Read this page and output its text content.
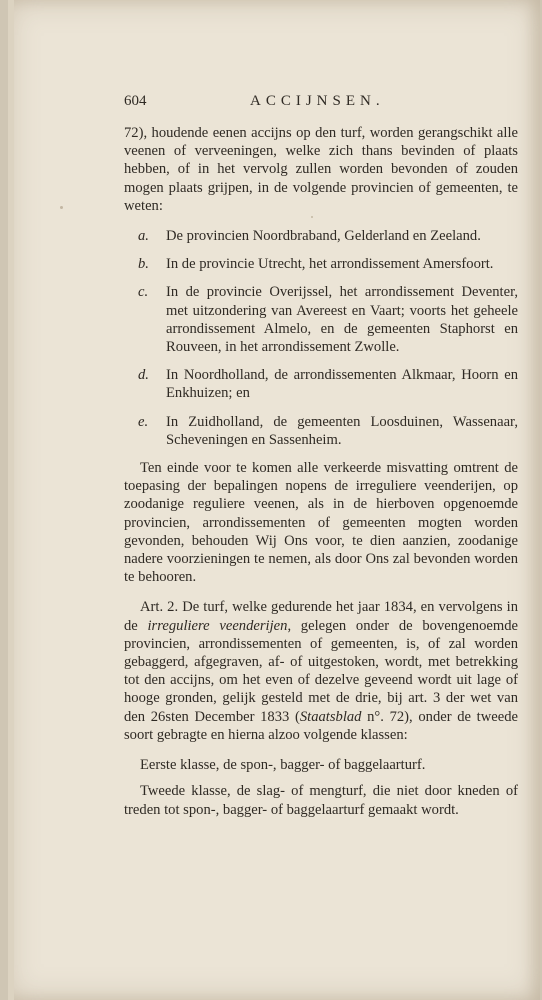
604	ACCIJNSEN.

72), houdende eenen accijns op den turf, worden gerangschikt alle veenen of verveeningen, welke zich thans bevinden of plaats hebben, of in het vervolg zullen worden bevonden of zouden mogen plaats grijpen, in de volgende provincien of gemeenten, te weten:

a. De provincien Noordbraband, Gelderland en Zeeland.

b. In de provincie Utrecht, het arrondissement Amersfoort.

c. In de provincie Overijssel, het arrondissement Deventer, met uitzondering van Avereest en Vaart; voorts het geheele arrondissement Almelo, en de gemeenten Staphorst en Rouveen, in het arrondissement Zwolle.

d. In Noordholland, de arrondissementen Alkmaar, Hoorn en Enkhuizen; en

e. In Zuidholland, de gemeenten Loosduinen, Wassenaar, Scheveningen en Sassenheim.

Ten einde voor te komen alle verkeerde misvatting omtrent de toepasing der bepalingen nopens de irreguliere veenderijen, op zoodanige reguliere veenen, als in de hierboven opgenoemde provincien, arrondissementen of gemeenten mogten worden gevonden, behouden Wij Ons voor, te dien aanzien, zoodanige nadere voorzieningen te nemen, als door Ons zal bevonden worden te behooren.

Art. 2. De turf, welke gedurende het jaar 1834, en vervolgens in de irreguliere veenderijen, gelegen onder de bovengenoemde provincien, arrondissementen of gemeenten, is, of zal worden gebaggerd, afgegraven, af- of uitgestoken, wordt, met betrekking tot den accijns, om het even of dezelve geveend wordt uit lage of hooge gronden, gelijk gesteld met de drie, bij art. 3 der wet van den 26sten December 1833 (Staatsblad n°. 72), onder de tweede soort gebragte en hierna alzoo volgende klassen:

Eerste klasse, de spon-, bagger- of baggelaarturf.

Tweede klasse, de slag- of mengturf, die niet door kneden of treden tot spon-, bagger- of baggelaarturf gemaakt wordt.
